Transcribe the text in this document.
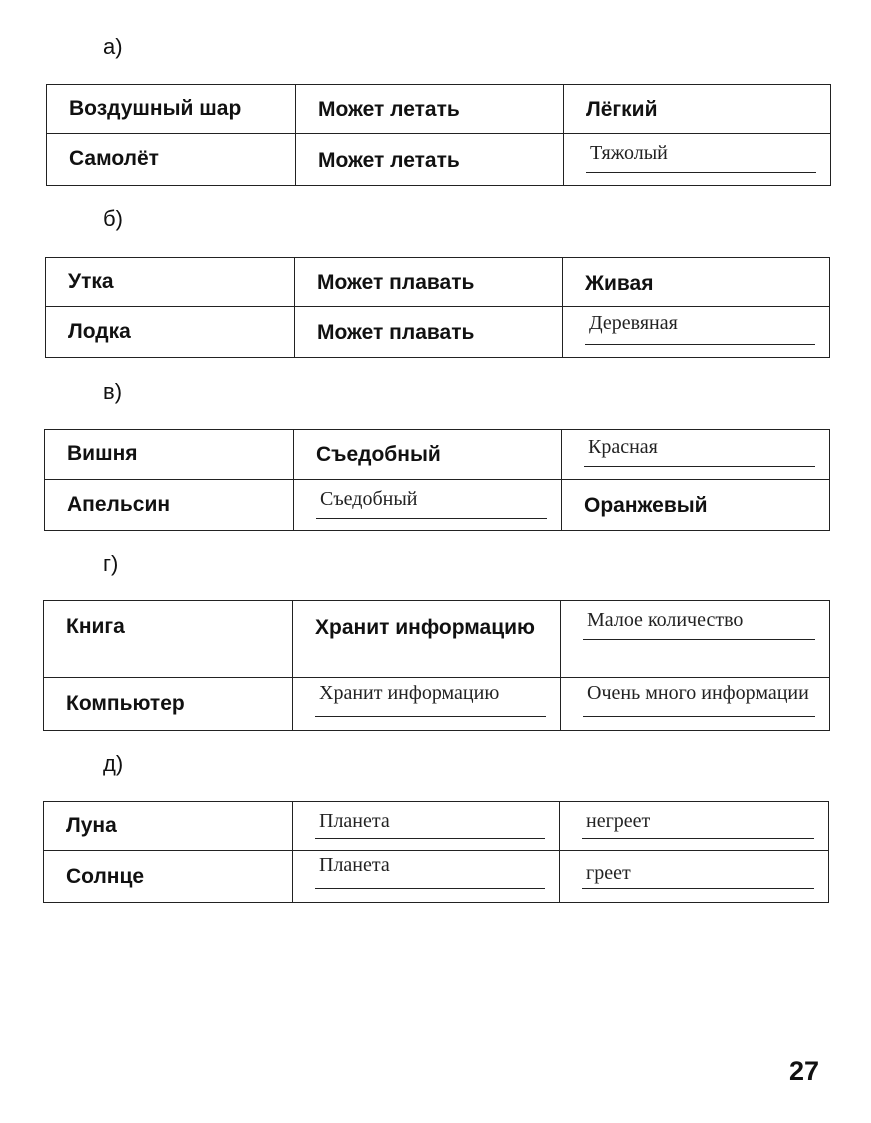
а)
Воздушный шар	Может летать	Лёгкий

Самолёт	Может летать	Тяжолый
б)
Утка	Может плавать	Живая

Лодка	Может плавать	Деревяная
в)
Вишня	Съедобный	Красная

Апельсин	Съедобный	Оранжевый
г)
Книга	Хранит информацию	Малое количество

Компьютер	Хранит информацию	Очень много информации
д)
Луна	Планета	негреет

Солнце	Планета	греет
27
